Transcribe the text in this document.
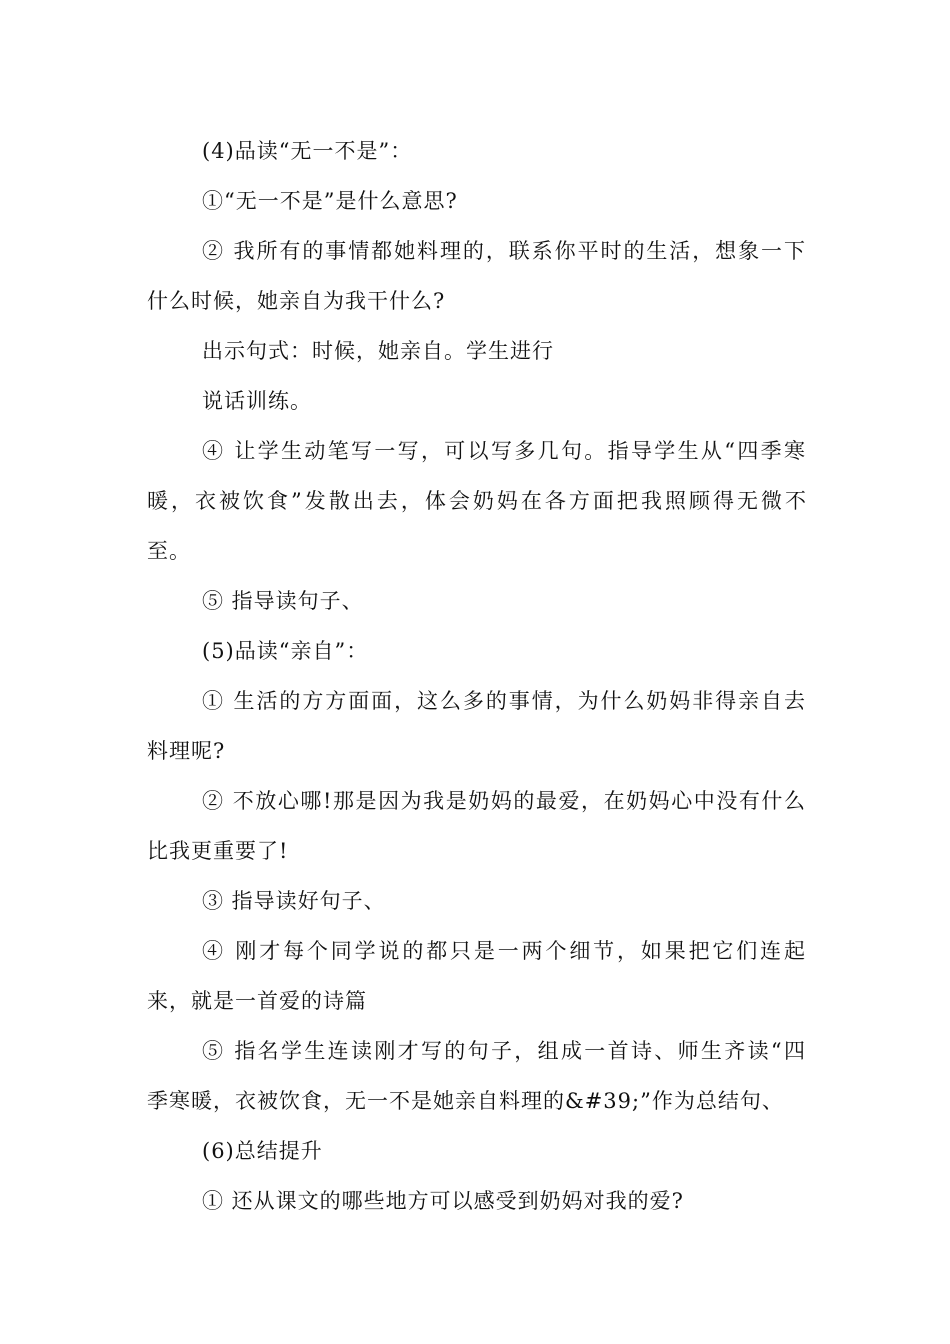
(4)品读“无一不是”：
①“无一不是”是什么意思?
② 我所有的事情都她料理的，联系你平时的生活，想象一下
什么时候，她亲自为我干什么?
出示句式：时候，她亲自。学生进行
说话训练。
④ 让学生动笔写一写，可以写多几句。指导学生从“四季寒
暖，衣被饮食”发散出去，体会奶妈在各方面把我照顾得无微不
至。
⑤ 指导读句子、
(5)品读“亲自”：
① 生活的方方面面，这么多的事情，为什么奶妈非得亲自去
料理呢?
② 不放心哪!那是因为我是奶妈的最爱，在奶妈心中没有什么
比我更重要了!
③ 指导读好句子、
④ 刚才每个同学说的都只是一两个细节，如果把它们连起
来，就是一首爱的诗篇
⑤ 指名学生连读刚才写的句子，组成一首诗、师生齐读“四
季寒暖，衣被饮食，无一不是她亲自料理的&#39;”作为总结句、
(6)总结提升
① 还从课文的哪些地方可以感受到奶妈对我的爱?
